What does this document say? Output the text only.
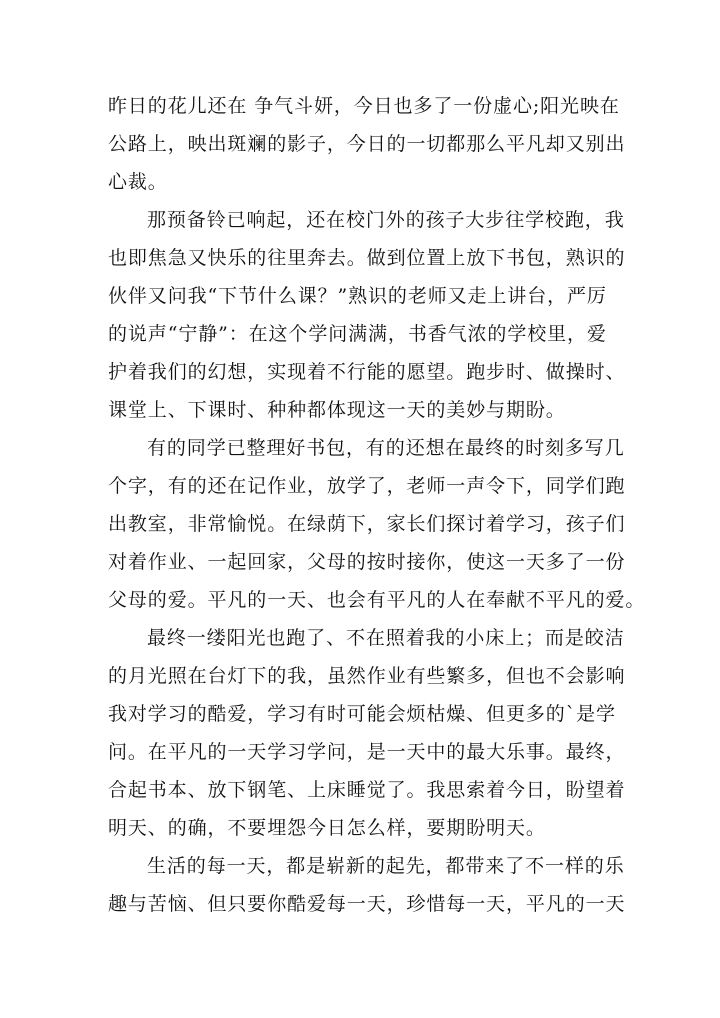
昨日的花儿还在 争气斗妍，今日也多了一份虚心;阳光映在
公路上，映出斑斓的影子，今日的一切都那么平凡却又别出
心裁。
那预备铃已响起，还在校门外的孩子大步往学校跑，我
也即焦急又快乐的往里奔去。做到位置上放下书包，熟识的
伙伴又问我“下节什么课？”熟识的老师又走上讲台，严厉
的说声“宁静”：在这个学问满满，书香气浓的学校里，爱
护着我们的幻想，实现着不行能的愿望。跑步时、做操时、
课堂上、下课时、种种都体现这一天的美妙与期盼。
有的同学已整理好书包，有的还想在最终的时刻多写几
个字，有的还在记作业，放学了，老师一声令下，同学们跑
出教室，非常愉悦。在绿荫下，家长们探讨着学习，孩子们
对着作业、一起回家，父母的按时接你，使这一天多了一份
父母的爱。平凡的一天、也会有平凡的人在奉献不平凡的爱。
最终一缕阳光也跑了、不在照着我的小床上；而是皎洁
的月光照在台灯下的我，虽然作业有些繁多，但也不会影响
我对学习的酷爱，学习有时可能会烦枯燥、但更多的`是学
问。在平凡的一天学习学问，是一天中的最大乐事。最终，
合起书本、放下钢笔、上床睡觉了。我思索着今日，盼望着
明天、的确，不要埋怨今日怎么样，要期盼明天。
生活的每一天，都是崭新的起先，都带来了不一样的乐
趣与苦恼、但只要你酷爱每一天，珍惜每一天，平凡的一天
